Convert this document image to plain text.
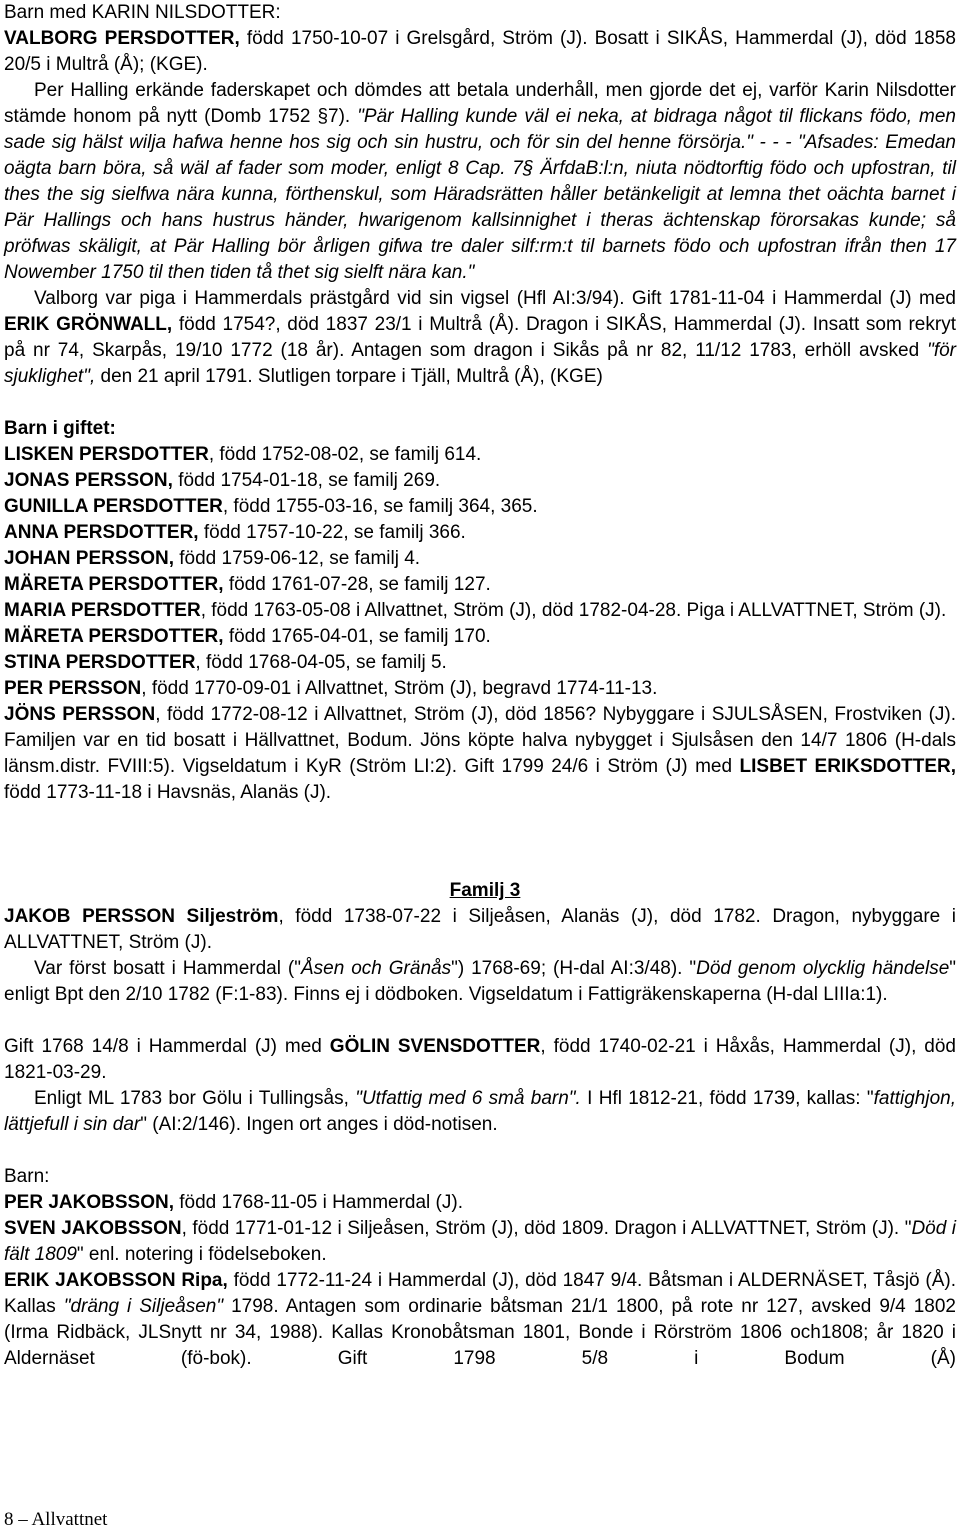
Barn med KARIN NILSDOTTER:

VALBORG PERSDOTTER, född 1750-10-07 i Grelsgård, Ström (J). Bosatt i SIKÅS, Hammerdal (J), död 1858 20/5 i Multrå (Å); (KGE).

Per Halling erkände faderskapet och dömdes att betala underhåll, men gjorde det ej, varför Karin Nilsdotter stämde honom på nytt (Domb 1752 §7). "Pär Halling kunde väl ei neka, at bidraga något til flickans födo, men sade sig hälst wilja hafwa henne hos sig och sin hustru, och för sin del henne försörja." - - - "Afsades: Emedan oägta barn böra, så wäl af fader som moder, enligt 8 Cap. 7§ ÄrfdaB:l:n, niuta nödtorftig födo och upfostran, til thes the sig sielfwa nära kunna, förthenskul, som Häradsrätten håller betänkeligit at lemna thet oächta barnet i Pär Hallings och hans hustrus händer, hwarigenom kallsinnighet i theras ächtenskap förorsakas kunde; så pröfwas skäligit, at Pär Halling bör årligen gifwa tre daler silf:rm:t til barnets födo och upfostran ifrån then 17 Nowember 1750 til then tiden tå thet sig sielft nära kan."

Valborg var piga i Hammerdals prästgård vid sin vigsel (Hfl AI:3/94). Gift 1781-11-04 i Hammerdal (J) med ERIK GRÖNWALL, född 1754?, död 1837 23/1 i Multrå (Å). Dragon i SIKÅS, Hammerdal (J). Insatt som rekryt på nr 74, Skarpås, 19/10 1772 (18 år). Antagen som dragon i Sikås på nr 82, 11/12 1783, erhöll avsked "för sjuklighet", den 21 april 1791. Slutligen torpare i Tjäll, Multrå (Å), (KGE)

Barn i giftet:

LISKEN PERSDOTTER, född 1752-08-02, se familj 614.

JONAS PERSSON, född 1754-01-18, se familj 269.

GUNILLA PERSDOTTER, född 1755-03-16, se familj 364, 365.

ANNA PERSDOTTER, född 1757-10-22, se familj 366.

JOHAN PERSSON, född 1759-06-12, se familj 4.

MÄRETA PERSDOTTER, född 1761-07-28, se familj 127.

MARIA PERSDOTTER, född 1763-05-08 i Allvattnet, Ström (J), död 1782-04-28. Piga i ALLVATTNET, Ström (J).

MÄRETA PERSDOTTER, född 1765-04-01, se familj 170.

STINA PERSDOTTER, född 1768-04-05, se familj 5.

PER PERSSON, född 1770-09-01 i Allvattnet, Ström (J), begravd 1774-11-13.

JÖNS PERSSON, född 1772-08-12 i Allvattnet, Ström (J), död 1856? Nybyggare i SJULSÅSEN, Frostviken (J). Familjen var en tid bosatt i Hällvattnet, Bodum. Jöns köpte halva nybygget i Sjulsåsen den 14/7 1806 (H-dals länsm.distr. FVIII:5). Vigseldatum i KyR (Ström LI:2). Gift 1799 24/6 i Ström (J) med LISBET ERIKSDOTTER, född 1773-11-18 i Havsnäs, Alanäs (J).

Familj 3

JAKOB PERSSON Siljeström, född 1738-07-22 i Siljeåsen, Alanäs (J), död 1782. Dragon, nybyggare i ALLVATTNET, Ström (J).

Var först bosatt i Hammerdal ("Åsen och Gränås") 1768-69; (H-dal AI:3/48). "Död genom olycklig händelse" enligt Bpt den 2/10 1782 (F:1-83). Finns ej i dödboken. Vigseldatum i Fattigräkenskaperna (H-dal LIIIa:1).

Gift 1768 14/8 i Hammerdal (J) med GÖLIN SVENSDOTTER, född 1740-02-21 i Håxås, Hammerdal (J), död 1821-03-29.

Enligt ML 1783 bor Gölu i Tullingsås, "Utfattig med 6 små barn". I Hfl 1812-21, född 1739, kallas: "fattighjon, lättjefull i sin dar" (AI:2/146). Ingen ort anges i död-notisen.

Barn:

PER JAKOBSSON, född 1768-11-05 i Hammerdal (J).

SVEN JAKOBSSON, född 1771-01-12 i Siljeåsen, Ström (J), död 1809. Dragon i ALLVATTNET, Ström (J). "Död i fält 1809" enl. notering i födelseboken.

ERIK JAKOBSSON Ripa, född 1772-11-24 i Hammerdal (J), död 1847 9/4. Båtsman i ALDERNÄSET, Tåsjö (Å). Kallas "dräng i Siljeåsen" 1798. Antagen som ordinarie båtsman 21/1 1800, på rote nr 127, avsked 9/4 1802 (Irma Ridbäck, JLSnytt nr 34, 1988). Kallas Kronobåtsman 1801, Bonde i Rörström 1806 och1808; år 1820 i Aldernäset (fö-bok). Gift 1798 5/8 i Bodum (Å)

8 – Allvattnet
